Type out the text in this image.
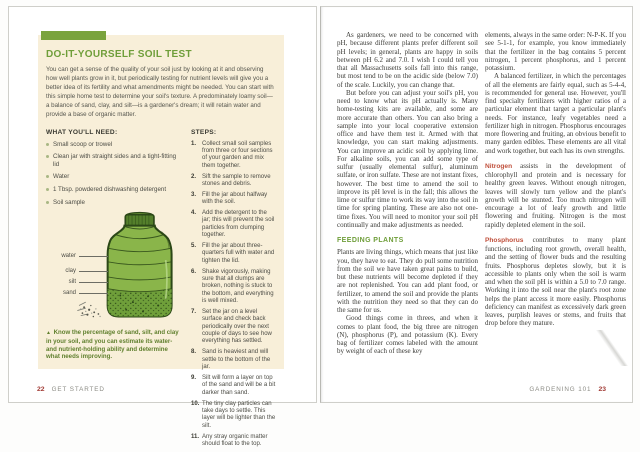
DO-IT-YOURSELF SOIL TEST

You can get a sense of the quality of your soil just by looking at it and observing how well plants grow in it, but periodically testing for nutrient levels will give you a better idea of its fertility and what amendments might be needed. You can start with this simple home test to determine your soil's texture. A predominately loamy soil—a balance of sand, clay, and silt—is a gardener's dream; it will retain water and provide a base of organic matter.

WHAT YOU'LL NEED:
Small scoop or trowel
Clean jar with straight sides and a tight-fitting lid
Water
1 Tbsp. powdered dishwashing detergent
Soil sample
water
clay
silt
sand

▲ Know the percentage of sand, silt, and clay in your soil, and you can estimate its water- and nutrient-holding ability and determine what needs improving.

STEPS:
1. Collect small soil samples from three or four sections of your garden and mix them together.
2. Sift the sample to remove stones and debris.
3. Fill the jar about halfway with the soil.
4. Add the detergent to the jar; this will prevent the soil particles from clumping together.
5. Fill the jar about three-quarters full with water and tighten the lid.
6. Shake vigorously, making sure that all clumps are broken, nothing is stuck to the bottom, and everything is well mixed.
7. Set the jar on a level surface and check back periodically over the next couple of days to see how everything has settled.
8. Sand is heaviest and will settle to the bottom of the jar.
9. Silt will form a layer on top of the sand and will be a bit darker than sand.
10. The tiny clay particles can take days to settle. This layer will be lighter than the silt.
11. Any stray organic matter should float to the top.
22 GET STARTED

As gardeners, we need to be concerned with pH, because different plants prefer different soil pH levels; in general, plants are happy in soils between pH 6.2 and 7.0. I wish I could tell you that all Massachusetts soils fall into this range, but most tend to be on the acidic side (below 7.0) of the scale. Luckily, you can change that.

But before you can adjust your soil's pH, you need to know what its pH actually is. Many home-testing kits are available, and some are more accurate than others. You can also bring a sample into your local cooperative extension office and have them test it. Armed with that knowledge, you can start making adjustments. You can improve an acidic soil by applying lime. For alkaline soils, you can add some type of sulfur (usually elemental sulfur), aluminum sulfate, or iron sulfate. These are not instant fixes, however. The best time to amend the soil to improve its pH level is in the fall; this allows the lime or sulfur time to work its way into the soil in time for spring planting. These are also not one-time fixes. You will need to monitor your soil pH continually and make adjustments as needed.

FEEDING PLANTS

Plants are living things, which means that just like you, they have to eat. They do pull some nutrition from the soil we have taken great pains to build, but these nutrients will become depleted if they are not replenished. You can add plant food, or fertilizer, to amend the soil and provide the plants with the nutrition they need so that they can do the same for us.

Good things come in threes, and when it comes to plant food, the big three are nitrogen (N), phosphorus (P), and potassium (K). Every bag of fertilizer comes labeled with the amount by weight of each of these key

elements, always in the same order: N-P-K. If you see 5-1-1, for example, you know immediately that the fertilizer in the bag contains 5 percent nitrogen, 1 percent phosphorus, and 1 percent potassium.

A balanced fertilizer, in which the percentages of all the elements are fairly equal, such as 5-4-4, is recommended for general use. However, you'll find specialty fertilizers with higher ratios of a particular element that target a particular plant's needs. For instance, leafy vegetables need a fertilizer high in nitrogen. Phosphorus encourages more flowering and fruiting, an obvious benefit to many garden edibles. These elements are all vital and work together, but each has its own strengths.

Nitrogen assists in the development of chlorophyll and protein and is necessary for healthy green leaves. Without enough nitrogen, leaves will slowly turn yellow and the plant's growth will be stunted. Too much nitrogen will encourage a lot of leafy growth and little flowering and fruiting. Nitrogen is the most rapidly depleted element in the soil.

Phosphorus contributes to many plant functions, including root growth, overall health, and the setting of flower buds and the resulting fruits. Phosphorus depletes slowly, but it is accessible to plants only when the soil is warm and when the soil pH is within a 5.0 to 7.0 range. Working it into the soil near the plant's root zone helps the plant access it more easily. Phosphorus deficiency can manifest as excessively dark green leaves, purplish leaves or stems, and fruits that drop before they mature.

GARDENING 101 23
